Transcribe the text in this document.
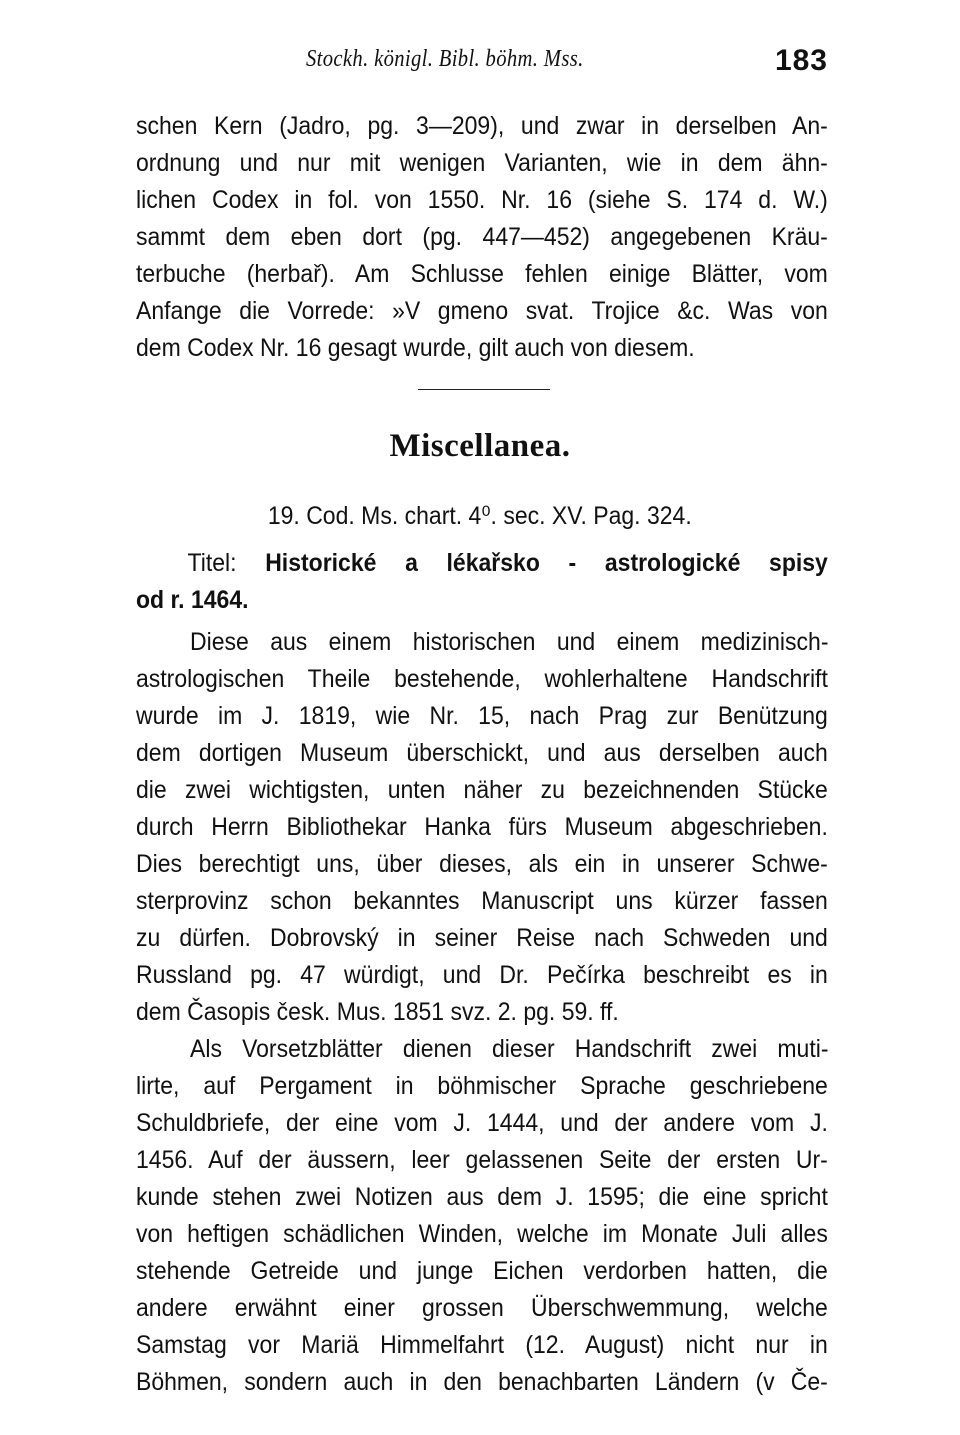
Stockh. königl. Bibl. böhm. Mss.	183
schen Kern (Jadro, pg. 3—209), und zwar in derselben An-
ordnung und nur mit wenigen Varianten, wie in dem ähn-
lichen Codex in fol. von 1550. Nr. 16 (siehe S. 174 d. W.)
sammt dem eben dort (pg. 447—452) angegebenen Kräu-
terbuche (herbař). Am Schlusse fehlen einige Blätter, vom
Anfange die Vorrede: »V gmeno svat. Trojice &c. Was von
dem Codex Nr. 16 gesagt wurde, gilt auch von diesem.
Miscellanea.
19. Cod. Ms. chart. 4⁰. sec. XV. Pag. 324.
Titel: Historické a lékařsko - astrologické spisy
od r. 1464.
Diese aus einem historischen und einem medizinisch-
astrologischen Theile bestehende, wohlerhaltene Handschrift
wurde im J. 1819, wie Nr. 15, nach Prag zur Benützung
dem dortigen Museum überschickt, und aus derselben auch
die zwei wichtigsten, unten näher zu bezeichnenden Stücke
durch Herrn Bibliothekar Hanka fürs Museum abgeschrieben.
Dies berechtigt uns, über dieses, als ein in unserer Schwe-
sterprovinz schon bekanntes Manuscript uns kürzer fassen
zu dürfen. Dobrovský in seiner Reise nach Schweden und
Russland pg. 47 würdigt, und Dr. Pečírka beschreibt es in
dem Časopis česk. Mus. 1851 svz. 2. pg. 59. ff.
Als Vorsetzblätter dienen dieser Handschrift zwei muti-
lirte, auf Pergament in böhmischer Sprache geschriebene
Schuldbriefe, der eine vom J. 1444, und der andere vom J.
1456. Auf der äussern, leer gelassenen Seite der ersten Ur-
kunde stehen zwei Notizen aus dem J. 1595; die eine spricht
von heftigen schädlichen Winden, welche im Monate Juli alles
stehende Getreide und junge Eichen verdorben hatten, die
andere erwähnt einer grossen Überschwemmung, welche
Samstag vor Mariä Himmelfahrt (12. August) nicht nur in
Böhmen, sondern auch in den benachbarten Ländern (v Če-
